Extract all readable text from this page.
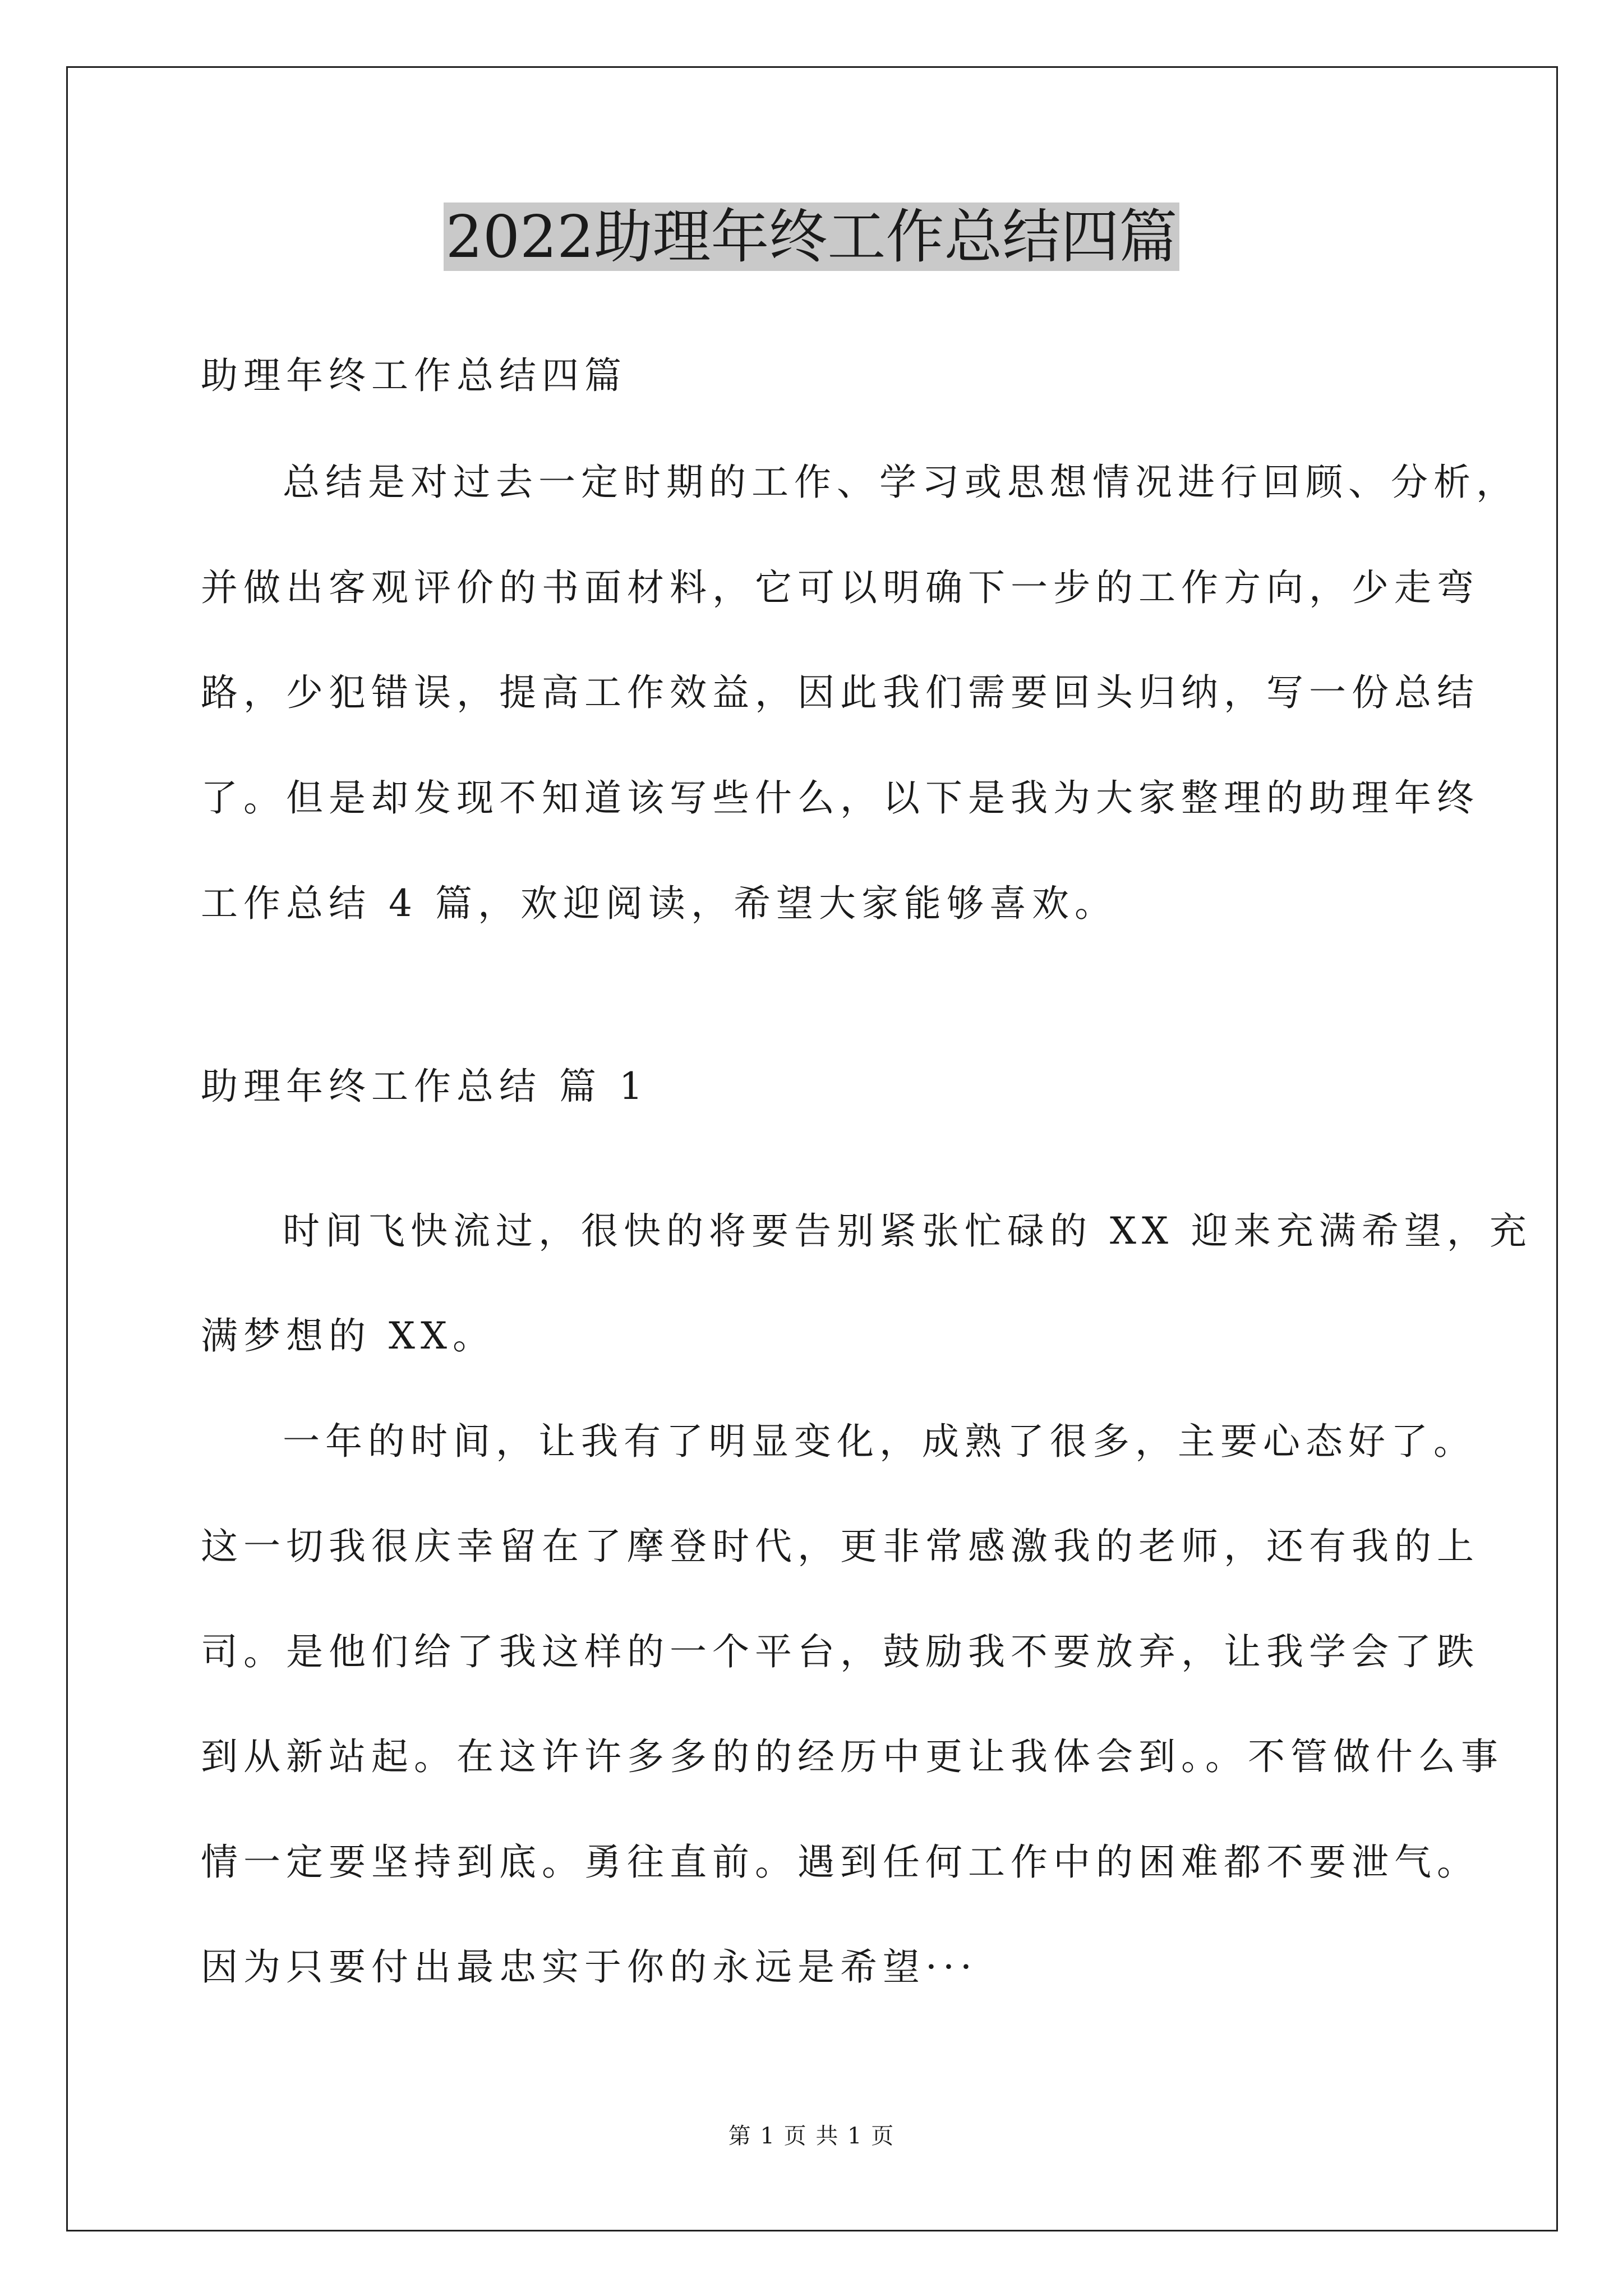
2022助理年终工作总结四篇
助理年终工作总结四篇
总结是对过去一定时期的工作、学习或思想情况进行回顾、分析，
并做出客观评价的书面材料，它可以明确下一步的工作方向，少走弯
路，少犯错误，提高工作效益，因此我们需要回头归纳，写一份总结
了。但是却发现不知道该写些什么，以下是我为大家整理的助理年终
工作总结 4 篇，欢迎阅读，希望大家能够喜欢。
助理年终工作总结 篇 1
时间飞快流过，很快的将要告别紧张忙碌的 XX 迎来充满希望，充
满梦想的 XX。
一年的时间，让我有了明显变化，成熟了很多，主要心态好了。
这一切我很庆幸留在了摩登时代，更非常感激我的老师，还有我的上
司。是他们给了我这样的一个平台，鼓励我不要放弃，让我学会了跌
到从新站起。在这许许多多的的经历中更让我体会到。。不管做什么事
情一定要坚持到底。勇往直前。遇到任何工作中的困难都不要泄气。
因为只要付出最忠实于你的永远是希望···
第 1 页 共 1 页
